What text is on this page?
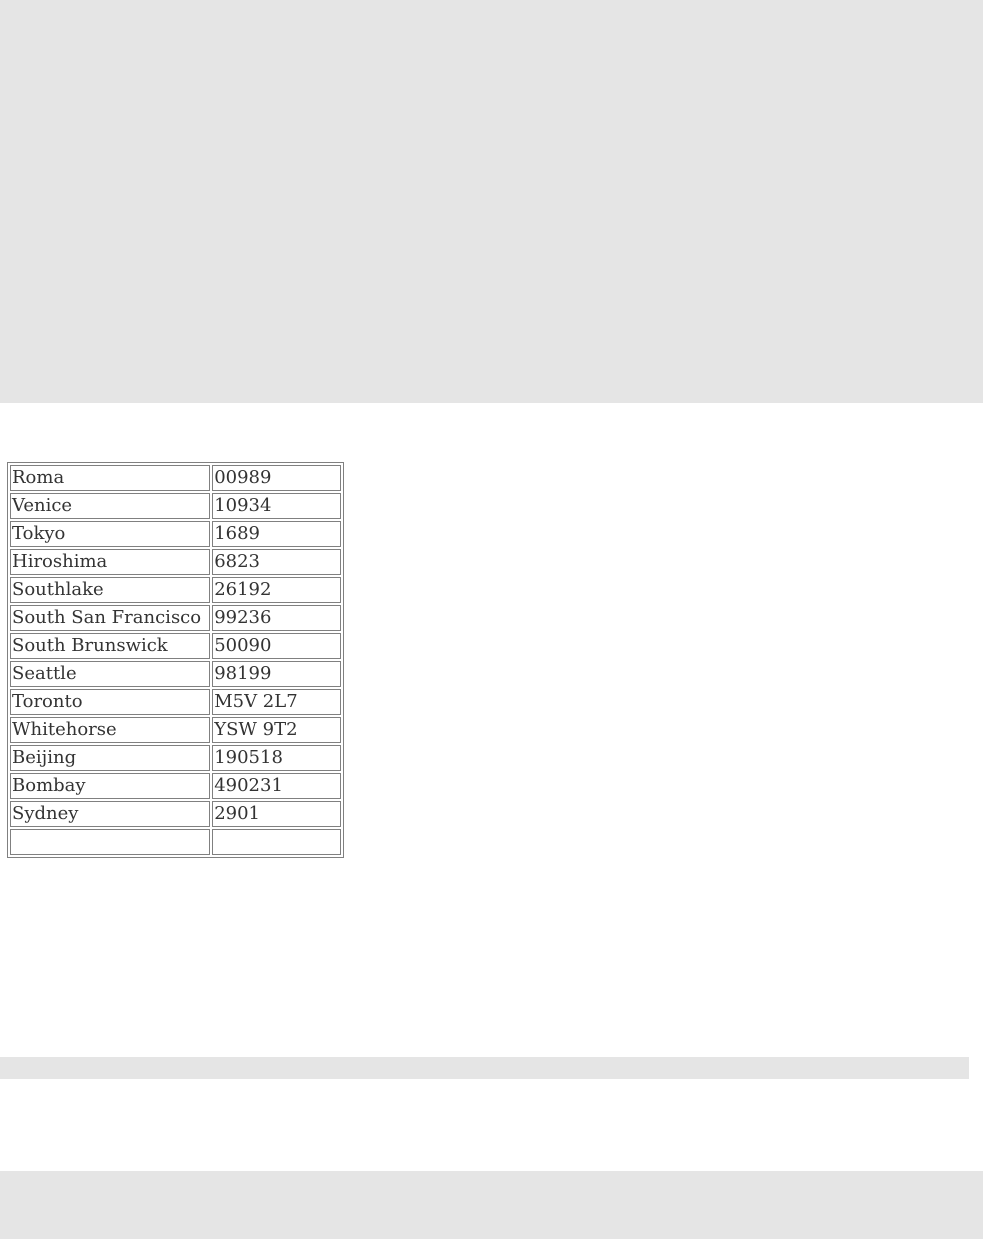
Roma	00989
Venice	10934
Tokyo	1689
Hiroshima	6823
Southlake	26192
South San Francisco	99236
South Brunswick	50090
Seattle	98199
Toronto	M5V 2L7
Whitehorse	YSW 9T2
Beijing	190518
Bombay	490231
Sydney	2901
